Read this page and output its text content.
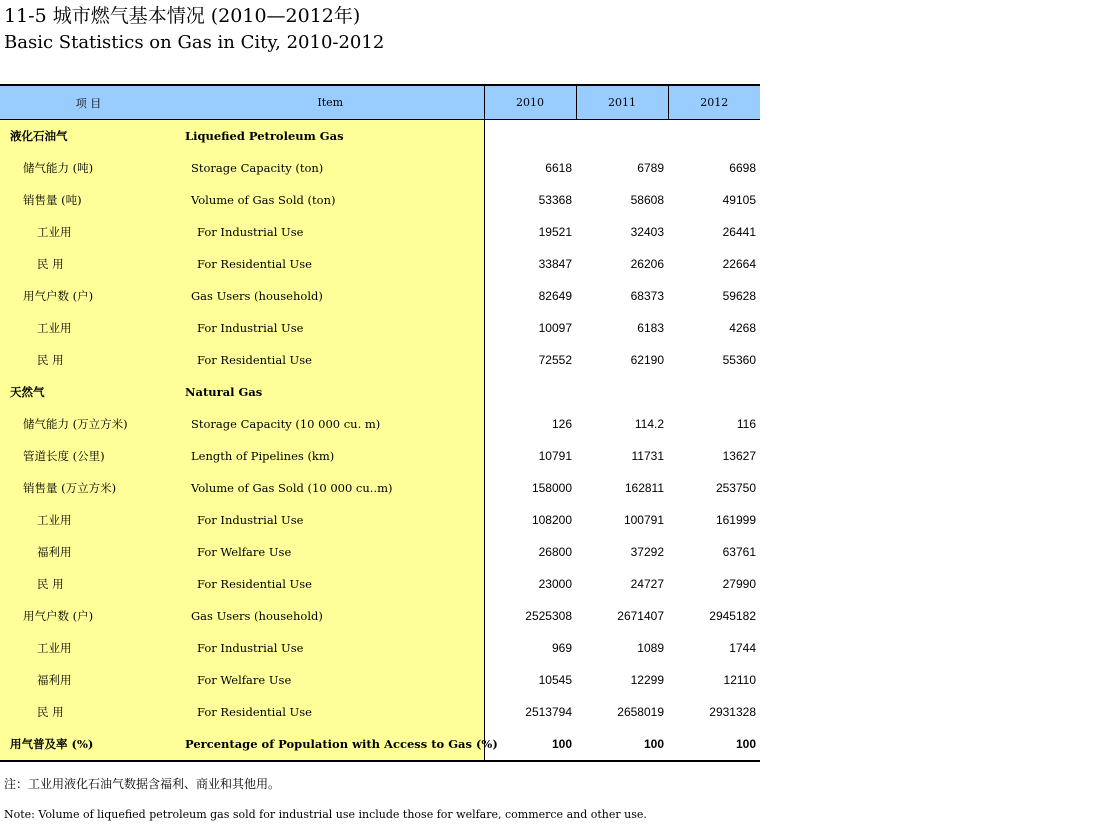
11-5 城市燃气基本情况 (2010—2012年)
Basic Statistics on Gas in City, 2010-2012
项 目	Item	2010	2011	2012
液化石油气	Liquefied Petroleum Gas			
储气能力 (吨)	Storage Capacity (ton)	6618	6789	6698
销售量 (吨)	Volume of Gas Sold (ton)	53368	58608	49105
工业用	For Industrial Use	19521	32403	26441
民 用	For Residential Use	33847	26206	22664
用气户数 (户)	Gas Users (household)	82649	68373	59628
工业用	For Industrial Use	10097	6183	4268
民 用	For Residential Use	72552	62190	55360
天然气	Natural Gas			
储气能力 (万立方米)	Storage Capacity (10 000 cu. m)	126	114.2	116
管道长度 (公里)	Length of Pipelines (km)	10791	11731	13627
销售量 (万立方米)	Volume of Gas Sold (10 000 cu..m)	158000	162811	253750
工业用	For Industrial Use	108200	100791	161999
福利用	For Welfare Use	26800	37292	63761
民 用	For Residential Use	23000	24727	27990
用气户数 (户)	Gas Users (household)	2525308	2671407	2945182
工业用	For Industrial Use	969	1089	1744
福利用	For Welfare Use	10545	12299	12110
民 用	For Residential Use	2513794	2658019	2931328
用气普及率 (%)	Percentage of Population with Access to Gas (%)	100	100	100
注：工业用液化石油气数据含福利、商业和其他用。
Note: Volume of liquefied petroleum gas sold for industrial use include those for welfare, commerce and other use.
